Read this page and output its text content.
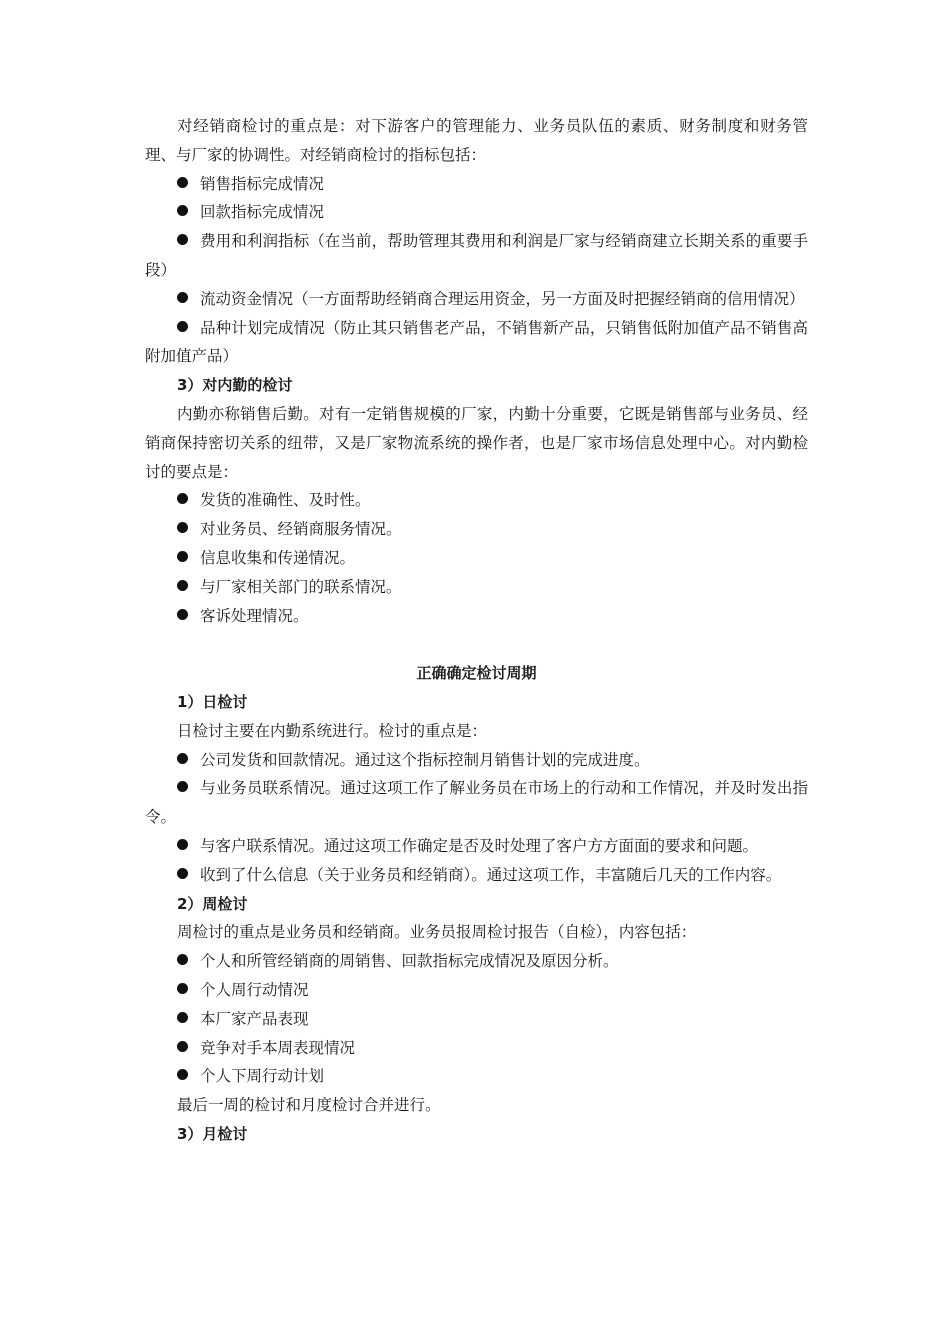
对经销商检讨的重点是：对下游客户的管理能力、业务员队伍的素质、财务制度和财务管理、与厂家的协调性。对经销商检讨的指标包括：
销售指标完成情况
回款指标完成情况
费用和利润指标（在当前，帮助管理其费用和利润是厂家与经销商建立长期关系的重要手段）
流动资金情况（一方面帮助经销商合理运用资金，另一方面及时把握经销商的信用情况）
品种计划完成情况（防止其只销售老产品，不销售新产品，只销售低附加值产品不销售高附加值产品）
3）对内勤的检讨
内勤亦称销售后勤。对有一定销售规模的厂家，内勤十分重要，它既是销售部与业务员、经销商保持密切关系的纽带，又是厂家物流系统的操作者，也是厂家市场信息处理中心。对内勤检讨的要点是：
发货的准确性、及时性。
对业务员、经销商服务情况。
信息收集和传递情况。
与厂家相关部门的联系情况。
客诉处理情况。
正确确定检讨周期
1）日检讨
日检讨主要在内勤系统进行。检讨的重点是：
公司发货和回款情况。通过这个指标控制月销售计划的完成进度。
与业务员联系情况。通过这项工作了解业务员在市场上的行动和工作情况，并及时发出指令。
与客户联系情况。通过这项工作确定是否及时处理了客户方方面面的要求和问题。
收到了什么信息（关于业务员和经销商）。通过这项工作，丰富随后几天的工作内容。
2）周检讨
周检讨的重点是业务员和经销商。业务员报周检讨报告（自检），内容包括：
个人和所管经销商的周销售、回款指标完成情况及原因分析。
个人周行动情况
本厂家产品表现
竞争对手本周表现情况
个人下周行动计划
最后一周的检讨和月度检讨合并进行。
3）月检讨
